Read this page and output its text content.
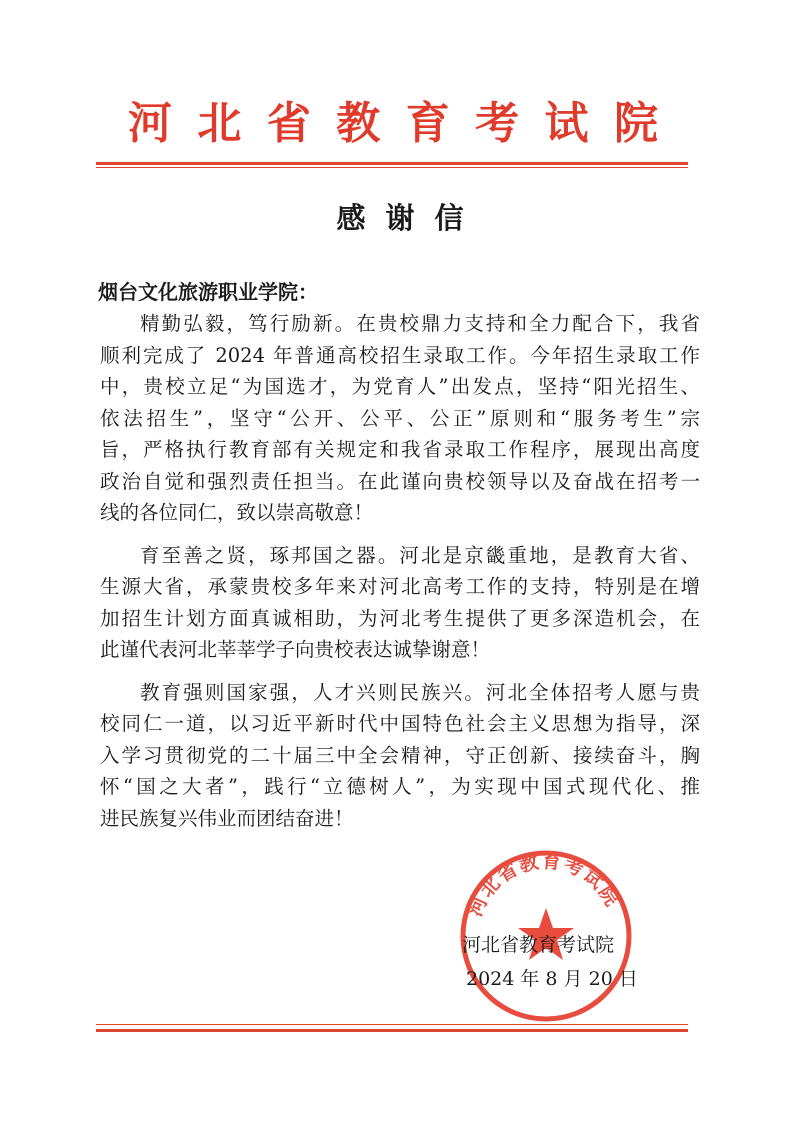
河 北 省 教 育 考 试 院
感谢信
烟台文化旅游职业学院：
精勤弘毅，笃行励新。在贵校鼎力支持和全力配合下，我省
顺利完成了 2024 年普通高校招生录取工作。今年招生录取工作
中，贵校立足“为国选才，为党育人”出发点，坚持“阳光招生、
依法招生”，坚守“公开、公平、公正”原则和“服务考生”宗
旨，严格执行教育部有关规定和我省录取工作程序，展现出高度
政治自觉和强烈责任担当。在此谨向贵校领导以及奋战在招考一
线的各位同仁，致以崇高敬意！
育至善之贤，琢邦国之器。河北是京畿重地，是教育大省、
生源大省，承蒙贵校多年来对河北高考工作的支持，特别是在增
加招生计划方面真诚相助，为河北考生提供了更多深造机会，在
此谨代表河北莘莘学子向贵校表达诚挚谢意！
教育强则国家强，人才兴则民族兴。河北全体招考人愿与贵
校同仁一道，以习近平新时代中国特色社会主义思想为指导，深
入学习贯彻党的二十届三中全会精神，守正创新、接续奋斗，胸
怀“国之大者”，践行“立德树人”，为实现中国式现代化、推
进民族复兴伟业而团结奋进！
河北省教育考试院
河北省教育考试院
2024 年 8 月 20 日
